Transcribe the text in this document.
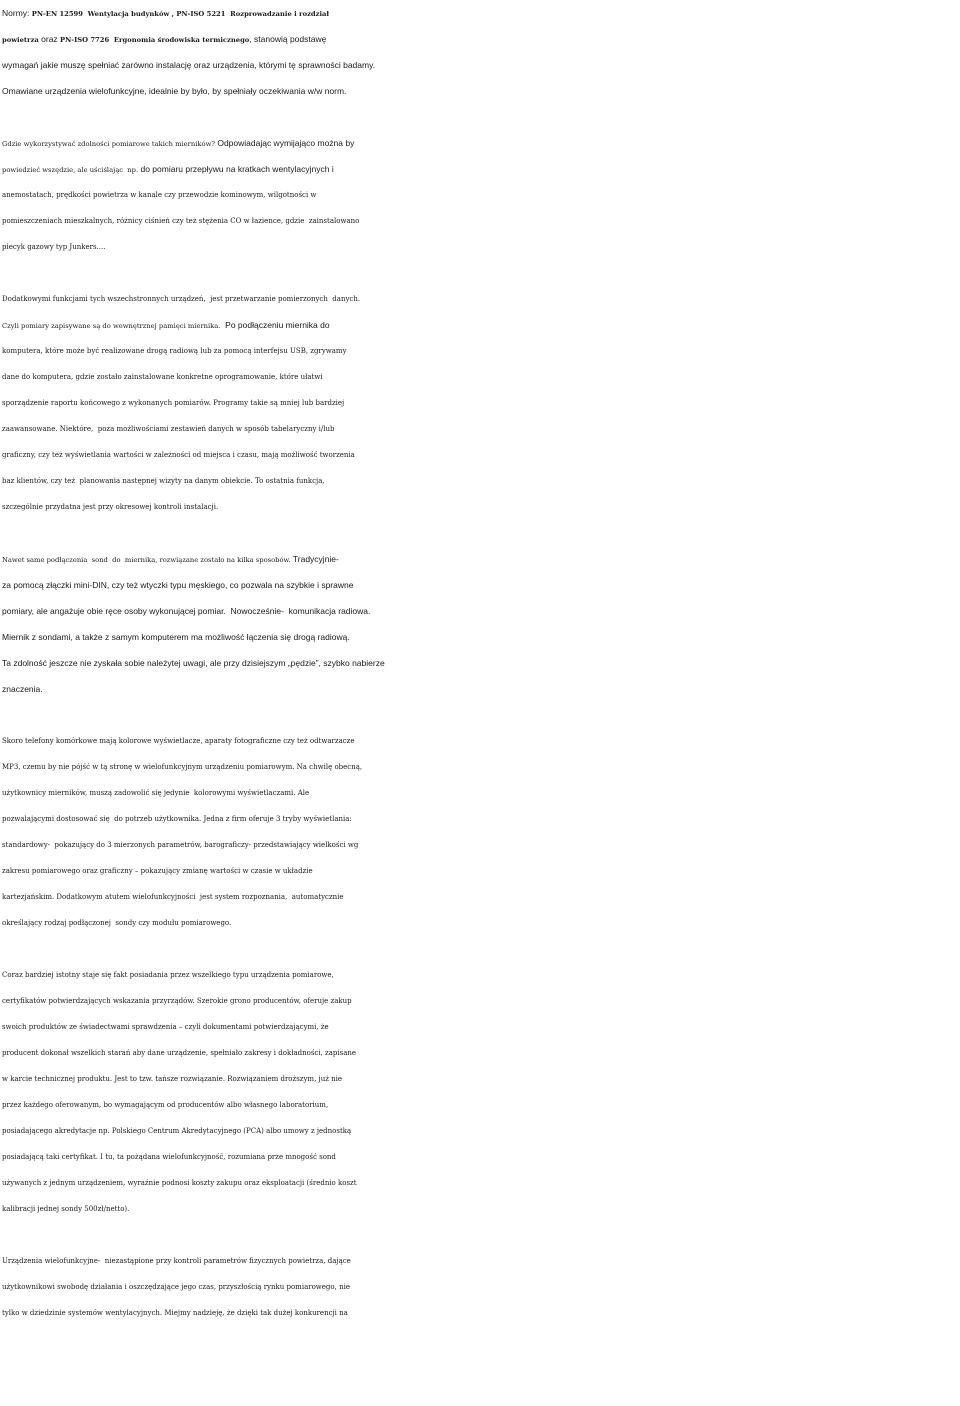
Normy: PN-EN 12599  Wentylacja budynków , PN-ISO 5221  Rozprowadzanie i rozdział
powietrza oraz PN-ISO 7726  Ergonomia środowiska termicznego, stanowią podstawę
wymagań jakie muszę spełniać zarówno instalację oraz urządzenia, którymi tę sprawności badamy.
Omawiane urządzenia wielofunkcyjne, idealnie by było, by spełniały oczekiwania w/w norm.
Gdzie wykorzystywać zdolności pomiarowe takich mierników? Odpowiadając wymijająco można by
powiedzieć wszędzie, ale uściślając  np. do pomiaru przepływu na kratkach wentylacyjnych i
anemostatach, prędkości powietrza w kanale czy przewodzie kominowym, wilgotności w
pomieszczeniach mieszkalnych, różnicy ciśnień czy też stężenia CO w łazience, gdzie  zainstalowano
piecyk gazowy typ Junkers....
Dodatkowymi funkcjami tych wszechstronnych urządzeń,  jest przetwarzanie pomierzonych  danych.
Czyli pomiary zapisywane są do wewnętrznej pamięci miernika.  Po podłączeniu miernika do
komputera, które może być realizowane drogą radiową lub za pomocą interfejsu USB, zgrywamy
dane do komputera, gdzie zostało zainstalowane konkretne oprogramowanie, które ułatwi
sporządzenie raportu końcowego z wykonanych pomiarów. Programy takie są mniej lub bardziej
zaawansowane. Niektóre,  poza możliwościami zestawień danych w sposób tabelaryczny i/lub
graficzny, czy też wyświetlania wartości w zależności od miejsca i czasu, mają możliwość tworzenia
baz klientów, czy też  planowania następnej wizyty na danym obiekcie. To ostatnia funkcja,
szczególnie przydatna jest przy okresowej kontroli instalacji.
Nawet same podłączenia  sond  do  miernika, rozwiązane zostało na kilka sposobów. Tradycyjnie-
za pomocą złączki mini-DIN, czy też wtyczki typu męskiego, co pozwala na szybkie i sprawne
pomiary, ale angażuje obie ręce osoby wykonującej pomiar.  Nowocześnie-  komunikacja radiowa.
Miernik z sondami, a także z samym komputerem ma możliwość łączenia się drogą radiową.
Ta zdolność jeszcze nie zyskała sobie należytej uwagi, ale przy dzisiejszym „pędzie”, szybko nabierze
znaczenia.
Skoro telefony komórkowe mają kolorowe wyświetlacze, aparaty fotograficzne czy też odtwarzacze
MP3, czemu by nie pójść w tą stronę w wielofunkcyjnym urządzeniu pomiarowym. Na chwilę obecną,
użytkownicy mierników, muszą zadowolić się jedynie  kolorowymi wyświetlaczami. Ale
pozwalającymi dostosować się  do potrzeb użytkownika. Jedna z firm oferuje 3 tryby wyświetlania:
standardowy-  pokazujący do 3 mierzonych parametrów, barograficzy- przedstawiający wielkości wg
zakresu pomiarowego oraz graficzny – pokazujący zmianę wartości w czasie w układzie
kartezjańskim. Dodatkowym atutem wielofunkcyjności  jest system rozpoznania,  automatycznie
określający rodzaj podłączonej  sondy czy modułu pomiarowego.
Coraz bardziej istotny staje się fakt posiadania przez wszelkiego typu urządzenia pomiarowe,
certyfikatów potwierdzających wskazania przyrządów. Szerokie grono producentów, oferuje zakup
swoich produktów ze świadectwami sprawdzenia – czyli dokumentami potwierdzającymi, że
producent dokonał wszelkich starań aby dane urządzenie, spełniało zakresy i dokładności, zapisane
w karcie technicznej produktu. Jest to tzw. tańsze rozwiązanie. Rozwiązaniem droższym, już nie
przez każdego oferowanym, bo wymagającym od producentów albo własnego laboratorium,
posiadającego akredytacje np. Polskiego Centrum Akredytacyjnego (PCA) albo umowy z jednostką
posiadającą taki certyfikat. I tu, ta pożądana wielofunkcyjność, rozumiana prze mnogość sond
używanych z jednym urządzeniem, wyraźnie podnosi koszty zakupu oraz eksploatacji (średnio koszt
kalibracji jednej sondy 500zł/netto).
Urządzenia wielofunkcyjne-  niezastąpione przy kontroli parametrów fizycznych powietrza, dające
użytkownikowi swobodę działania i oszczędzające jego czas, przyszłością rynku pomiarowego, nie
tylko w dziedzinie systemów wentylacyjnych. Miejmy nadzieję, że dzięki tak dużej konkurencji na
